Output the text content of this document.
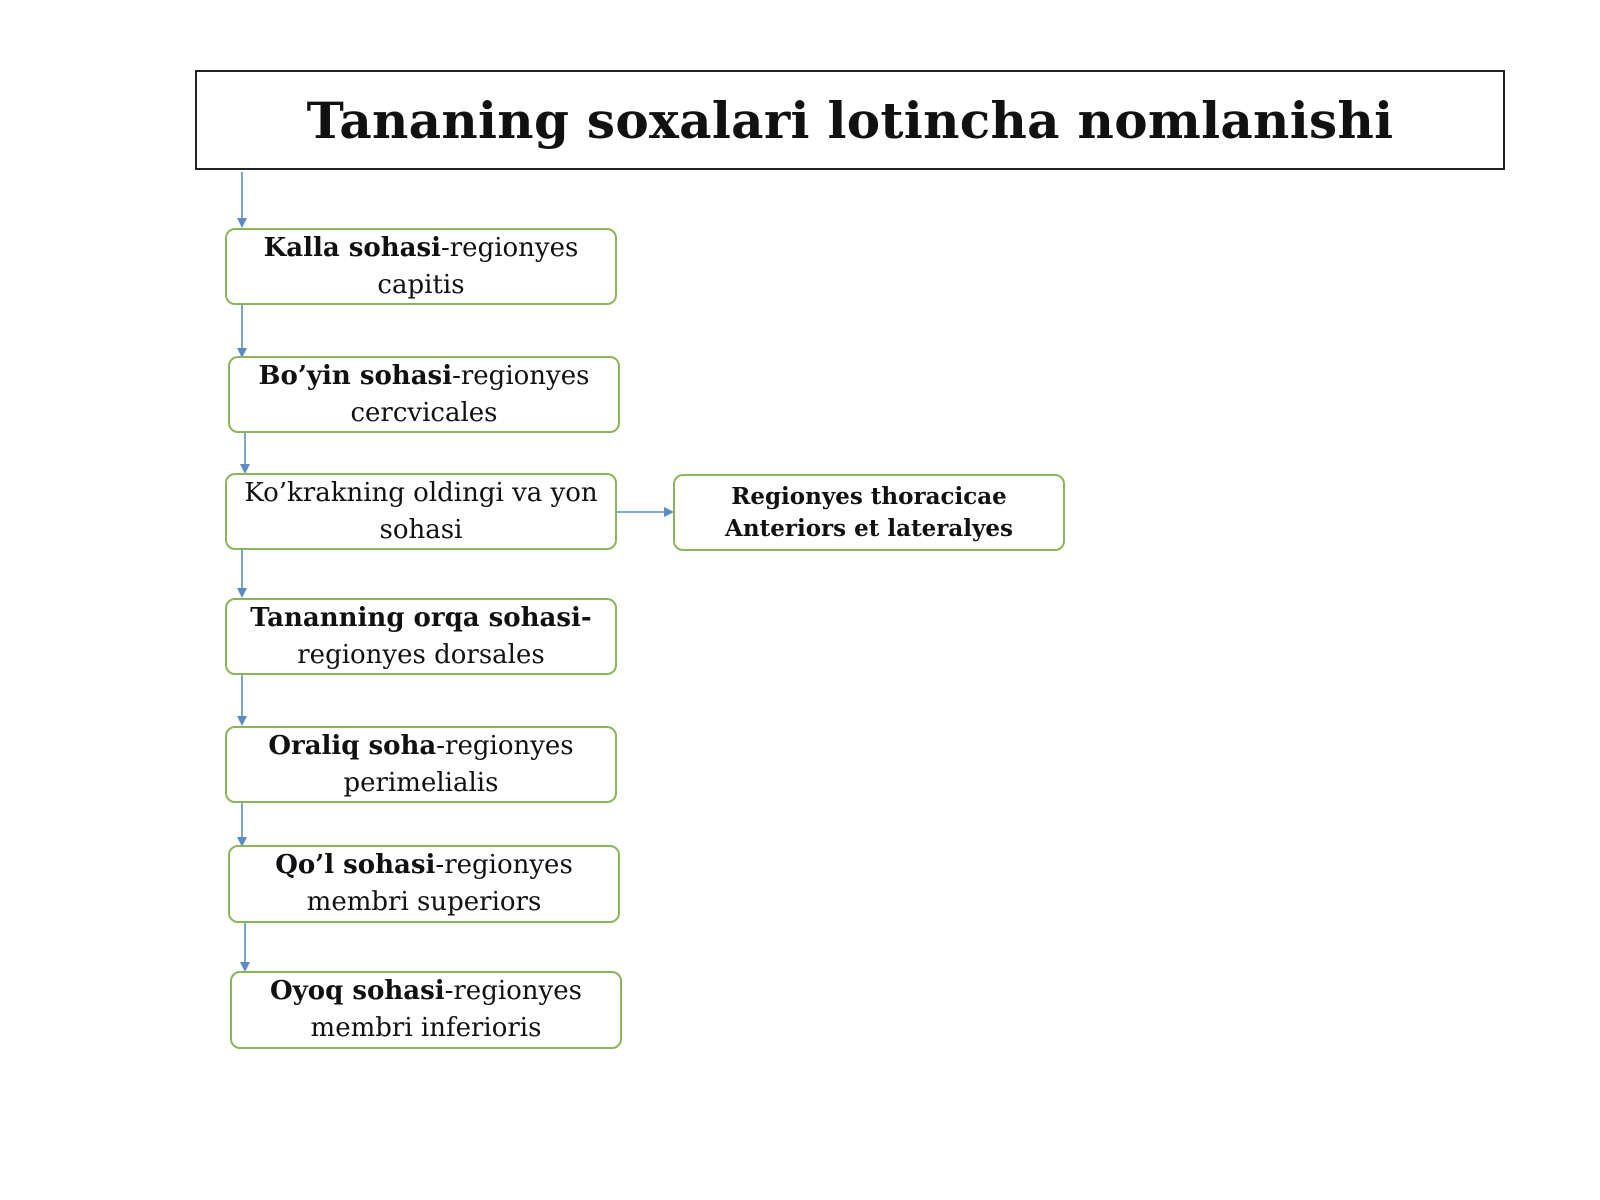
Tananing soxalari lotincha nomlanishi
Kalla sohasi-regionyes capitis
Bo’yin sohasi-regionyes cercvicales
Ko’krakning oldingi va yon sohasi
Tananning orqa sohasi-regionyes dorsales
Oraliq soha-regionyes perimelialis
Qo’l sohasi-regionyes membri superiors
Oyoq sohasi-regionyes membri inferioris
Regionyes thoracicae
Anteriors et lateralyes
